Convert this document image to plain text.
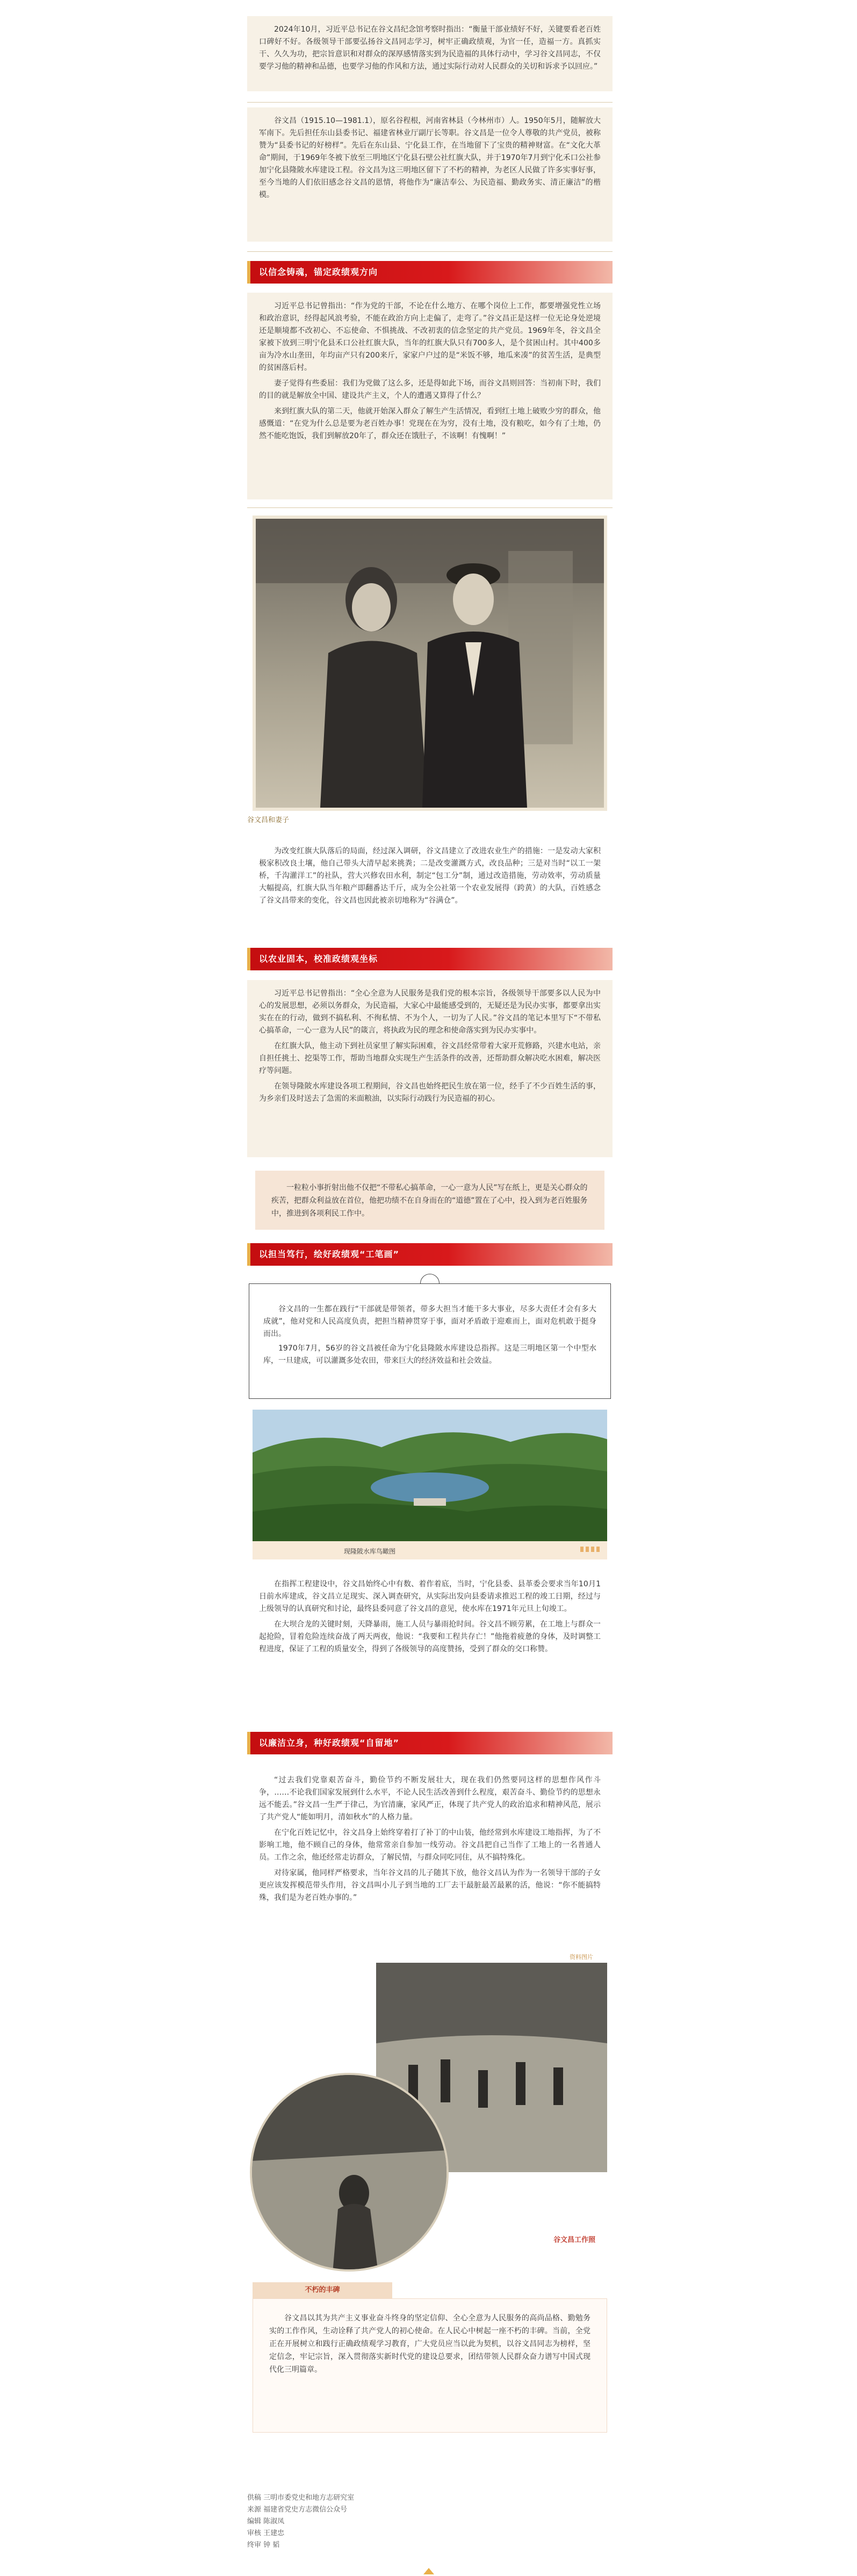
2024年10月，习近平总书记在谷文昌纪念馆考察时指出：“衡量干部业绩好不好，关键要看老百姓口碑好不好。各级领导干部要弘扬谷文昌同志学习，树牢正确政绩观，为官一任，造福一方。真抓实干、久久为功，把宗旨意识和对群众的深厚感情落实到为民造福的具体行动中，学习谷文昌同志，不仅要学习他的精神和品德，也要学习他的作风和方法，通过实际行动对人民群众的关切和诉求予以回应。”

谷文昌（1915.10—1981.1），原名谷程根，河南省林县（今林州市）人。1950年5月，随解放大军南下。先后担任东山县委书记、福建省林业厅副厅长等职。谷文昌是一位令人尊敬的共产党员，被称赞为“县委书记的好榜样”。先后在东山县、宁化县工作，在当地留下了宝贵的精神财富。在“文化大革命”期间，于1969年冬被下放至三明地区宁化县石壁公社红旗大队，并于1970年7月到宁化禾口公社参加宁化县隆陂水库建设工程。谷文昌为这三明地区留下了不朽的精神，为老区人民做了许多实事好事，至今当地的人们依旧感念谷文昌的恩情，将他作为“廉洁奉公、为民造福、勤政务实、清正廉洁”的楷模。

以信念铸魂，锚定政绩观方向

习近平总书记曾指出：“作为党的干部，不论在什么地方、在哪个岗位上工作，都要增强党性立场和政治意识，经得起风浪考验，不能在政治方向上走偏了，走弯了。”谷文昌正是这样一位无论身处逆境还是顺境都不改初心、不忘使命、不惧挑战、不改初衷的信念坚定的共产党员。1969年冬，谷文昌全家被下放到三明宁化县禾口公社红旗大队，当年的红旗大队只有700多人，是个贫困山村。其中400多亩为冷水山垄田，年均亩产只有200来斤，家家户户过的是“米饭不够，地瓜来凑”的贫苦生活，是典型的贫困落后村。

妻子觉得有些委屈：我们为党做了这么多，还是得如此下场，而谷文昌则回答：当初南下时，我们的目的就是解放全中国、建设共产主义，个人的遭遇又算得了什么？

来到红旗大队的第二天，他就开始深入群众了解生产生活情况，看到红土地上破败少穷的群众，他感慨道：“在党为什么总是要为老百姓办事！党现在在为穷，没有土地，没有粮吃，如今有了土地，仍然不能吃饱饭，我们到解放20年了，群众还在饿肚子，不该啊！有愧啊！”

谷文昌和妻子

为改变红旗大队落后的局面，经过深入调研，谷文昌建立了改进农业生产的措施：一是发动大家积极家积改良土壤，他自己带头大清早起来挑粪；二是改变灌溉方式，改良品种；三是对当时“以工一架桥，千沟灌洋工”的社队，营大兴修农田水利，制定“包工分”制，通过改造措施，劳动效率，劳动质量大幅提高，红旗大队当年粮产即翻番达千斤，成为全公社第一个农业发展得（跨黄）的大队，百姓感念了谷文昌带来的变化，谷文昌也因此被亲切地称为“谷满仓”。

以农业固本，校准政绩观坐标

习近平总书记曾指出：“全心全意为人民服务是我们党的根本宗旨，各级领导干部要多以人民为中心的发展思想，必须以务群众，为民造福，大家心中最能感受到的，无疑还是为民办实事，都要拿出实实在在的行动，做到不搞私利、不徇私情、不为个人，一切为了人民。”谷文昌的笔记本里写下“不带私心搞革命，一心一意为人民”的箴言，将执政为民的理念和使命落实到为民办实事中。

在红旗大队，他主动下到社员家里了解实际困难，谷文昌经常带着大家开荒修路，兴建水电站，亲自担任挑土、挖渠等工作，帮助当地群众实现生产生活条件的改善，还帮助群众解决吃水困难，解决医疗等问题。

在领导隆陂水库建设各项工程期间，谷文昌也始终把民生放在第一位，经手了不少百姓生活的事，为乡亲们及时送去了急需的米面粮油，以实际行动践行为民造福的初心。

一粒粒小事折射出他不仅把“不带私心搞革命，一心一意为人民”写在纸上，更是关心群众的疾苦，把群众利益放在首位，他把功绩不在自身而在的“道德”置在了心中，投入到为老百姓服务中，推进到各项利民工作中。
以担当笃行，绘好政绩观“工笔画”

谷文昌的一生都在践行“干部就是带领者，带多大担当才能干多大事业，尽多大责任才会有多大成就”，他对党和人民高度负责，把担当精神贯穿于事，面对矛盾敢于迎难而上，面对危机敢于挺身而出。

1970年7月，56岁的谷文昌被任命为宁化县隆陂水库建设总指挥。这是三明地区第一个中型水库，一旦建成，可以灌溉多处农田，带来巨大的经济效益和社会效益。

现隆陂水库鸟瞰图

在指挥工程建设中，谷文昌始终心中有数、着作着底，当时，宁化县委、县革委会要求当年10月1日前水库建成，谷文昌立足现实、深入调查研究，从实际出发向县委请求推迟工程的竣工日期，经过与上级领导的认真研究和讨论，最终县委同意了谷文昌的意见，使水库在1971年元旦上旬竣工。

在大坝合龙的关键时刻，天降暴雨，施工人员与暴雨抢时间。谷文昌不顾劳累，在工地上与群众一起抢险，冒着危险连续奋战了两天两夜，他说：“我要和工程共存亡！”他拖着疲惫的身体，及时调整工程进度，保证了工程的质量安全，得到了各级领导的高度赞扬，受到了群众的交口称赞。

以廉洁立身，种好政绩观“自留地”

“过去我们党靠艰苦奋斗，勤俭节约不断发展壮大，现在我们仍然要同这样的思想作风作斗争，……不论我们国家发展到什么水平，不论人民生活改善到什么程度，艰苦奋斗、勤俭节约的思想永远不能丢。”谷文昌一生严于律己，为官清廉，家风严正，体现了共产党人的政治追求和精神风范，展示了共产党人“能如明月，清如秋水”的人格力量。

在宁化百姓记忆中，谷文昌身上始终穿着打了补丁的中山装，他经常到水库建设工地指挥，为了不影响工地，他不顾自己的身体，他常常亲自参加一线劳动。谷文昌把自己当作了工地上的一名普通人员。工作之余，他还经常走访群众，了解民情，与群众同吃同住，从不搞特殊化。

对待家属，他同样严格要求，当年谷文昌的儿子随其下放，他谷文昌认为作为一名领导干部的子女更应该发挥模范带头作用，谷文昌叫小儿子到当地的工厂去干最脏最苦最累的活，他说：“你不能搞特殊，我们是为老百姓办事的。”

资料图片
谷文昌工作照
不朽的丰碑

谷文昌以其为共产主义事业奋斗终身的坚定信仰、全心全意为人民服务的高尚品格、勤勉务实的工作作风，生动诠释了共产党人的初心使命。在人民心中树起一座不朽的丰碑。当前，全党正在开展树立和践行正确政绩观学习教育，广大党员应当以此为契机，以谷文昌同志为榜样，坚定信念，牢记宗旨，深入贯彻落实新时代党的建设总要求，团结带领人民群众奋力谱写中国式现代化三明篇章。

供稿 三明市委党史和地方志研究室
来源 福建省党史方志微信公众号
编辑 陈淑凤
审核 王建忠
终审 钟 韬
